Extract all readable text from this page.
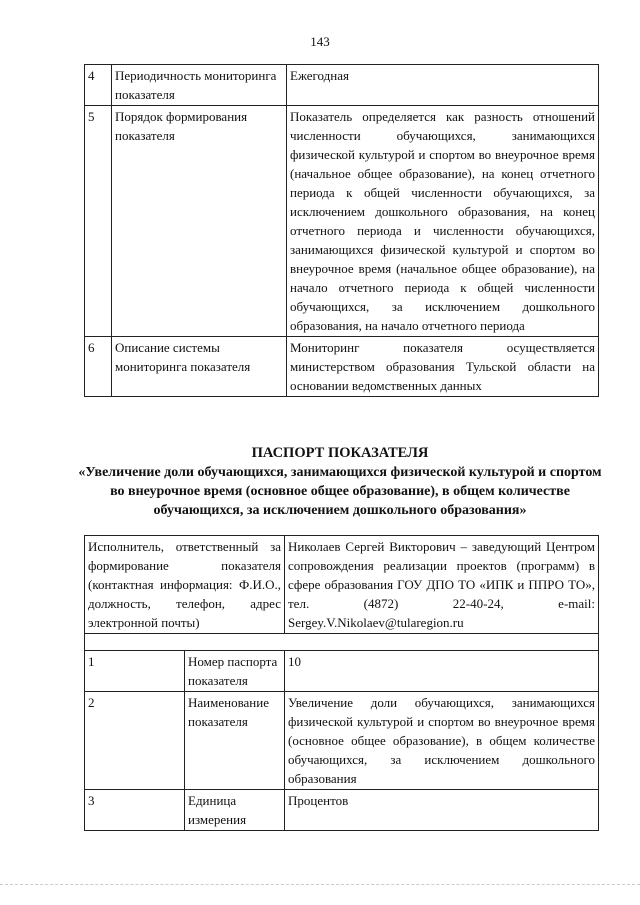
143
4	Периодичность мониторинга показателя	Ежегодная
5	Порядок формирования показателя	Показатель определяется как разность отношений численности обучающихся, занимающихся физической культурой и спортом во внеурочное время (начальное общее образование), на конец отчетного периода к общей численности обучающихся, за исключением дошкольного образования, на конец отчетного периода и численности обучающихся, занимающихся физической культурой и спортом во внеурочное время (начальное общее образование), на начало отчетного периода к общей численности обучающихся, за исключением дошкольного образования, на начало отчетного периода
6	Описание системы мониторинга показателя	Мониторинг показателя осуществляется министерством образования Тульской области на основании ведомственных данных
ПАСПОРТ ПОКАЗАТЕЛЯ
«Увеличение доли обучающихся, занимающихся физической культурой и спортом во внеурочное время (основное общее образование), в общем количестве обучающихся, за исключением дошкольного образования»
Исполнитель, ответственный за формирование показателя (контактная информация: Ф.И.О., должность, телефон, адрес электронной почты)		Николаев Сергей Викторович – заведующий Центром сопровождения реализации проектов (программ) в сфере образования ГОУ ДПО ТО «ИПК и ППРО ТО», тел. (4872) 22-40-24, e-mail: Sergey.V.Nikolaev@tularegion.ru

1	Номер паспорта показателя	10
2	Наименование показателя	Увеличение доли обучающихся, занимающихся физической культурой и спортом во внеурочное время (основное общее образование), в общем количестве обучающихся, за исключением дошкольного образования
3	Единица измерения	Процентов
